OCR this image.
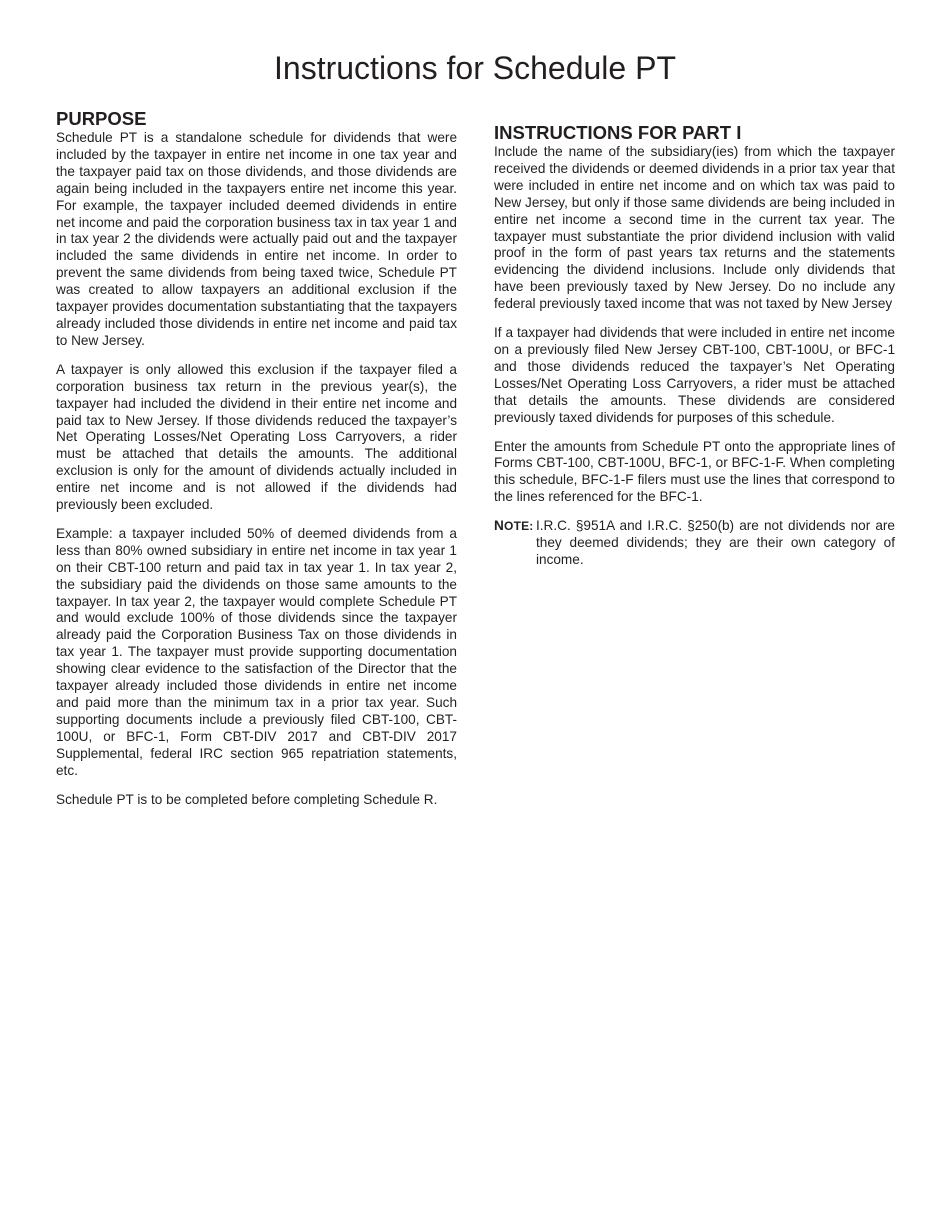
Instructions for Schedule PT
PURPOSE

Schedule PT is a standalone schedule for dividends that were included by the taxpayer in entire net income in one tax year and the taxpayer paid tax on those dividends, and those dividends are again being included in the taxpayers entire net income this year. For example, the taxpayer included deemed dividends in entire net income and paid the corporation business tax in tax year 1 and in tax year 2 the dividends were actually paid out and the taxpayer included the same dividends in entire net income. In order to prevent the same dividends from being taxed twice, Schedule PT was created to allow taxpayers an additional exclusion if the taxpayer provides documentation substantiating that the taxpayers already included those dividends in entire net income and paid tax to New Jersey.

A taxpayer is only allowed this exclusion if the taxpayer filed a corporation business tax return in the previous year(s), the taxpayer had included the dividend in their entire net income and paid tax to New Jersey. If those dividends reduced the taxpayer’s Net Operating Losses/Net Operating Loss Carryovers, a rider must be attached that details the amounts. The additional exclusion is only for the amount of dividends actually included in entire net income and is not allowed if the dividends had previously been excluded.

Example: a taxpayer included 50% of deemed dividends from a less than 80% owned subsidiary in entire net income in tax year 1 on their CBT-100 return and paid tax in tax year 1. In tax year 2, the subsidiary paid the dividends on those same amounts to the taxpayer. In tax year 2, the taxpayer would complete Schedule PT and would exclude 100% of those dividends since the taxpayer already paid the Corporation Business Tax on those dividends in tax year 1. The taxpayer must provide supporting documentation showing clear evidence to the satisfaction of the Director that the taxpayer already included those dividends in entire net income and paid more than the minimum tax in a prior tax year. Such supporting documents include a previously filed CBT-100, CBT-100U, or BFC-1, Form CBT-DIV 2017 and CBT-DIV 2017 Supplemental, federal IRC section 965 repatriation statements, etc.

Schedule PT is to be completed before completing Schedule R.

INSTRUCTIONS FOR PART I

Include the name of the subsidiary(ies) from which the taxpayer received the dividends or deemed dividends in a prior tax year that were included in entire net income and on which tax was paid to New Jersey, but only if those same dividends are being included in entire net income a second time in the current tax year. The taxpayer must substantiate the prior dividend inclusion with valid proof in the form of past years tax returns and the statements evidencing the dividend inclusions. Include only dividends that have been previously taxed by New Jersey. Do no include any federal previously taxed income that was not taxed by New Jersey

If a taxpayer had dividends that were included in entire net income on a previously filed New Jersey CBT-100, CBT-100U, or BFC-1 and those dividends reduced the taxpayer’s Net Operating Losses/Net Operating Loss Carryovers, a rider must be attached that details the amounts. These dividends are considered previously taxed dividends for purposes of this schedule.

Enter the amounts from Schedule PT onto the appropriate lines of Forms CBT-100, CBT-100U, BFC-1, or BFC-1-F. When completing this schedule, BFC-1-F filers must use the lines that correspond to the lines referenced for the BFC-1.

NOTE: I.R.C. §951A and I.R.C. §250(b) are not dividends nor are they deemed dividends; they are their own category of income.
